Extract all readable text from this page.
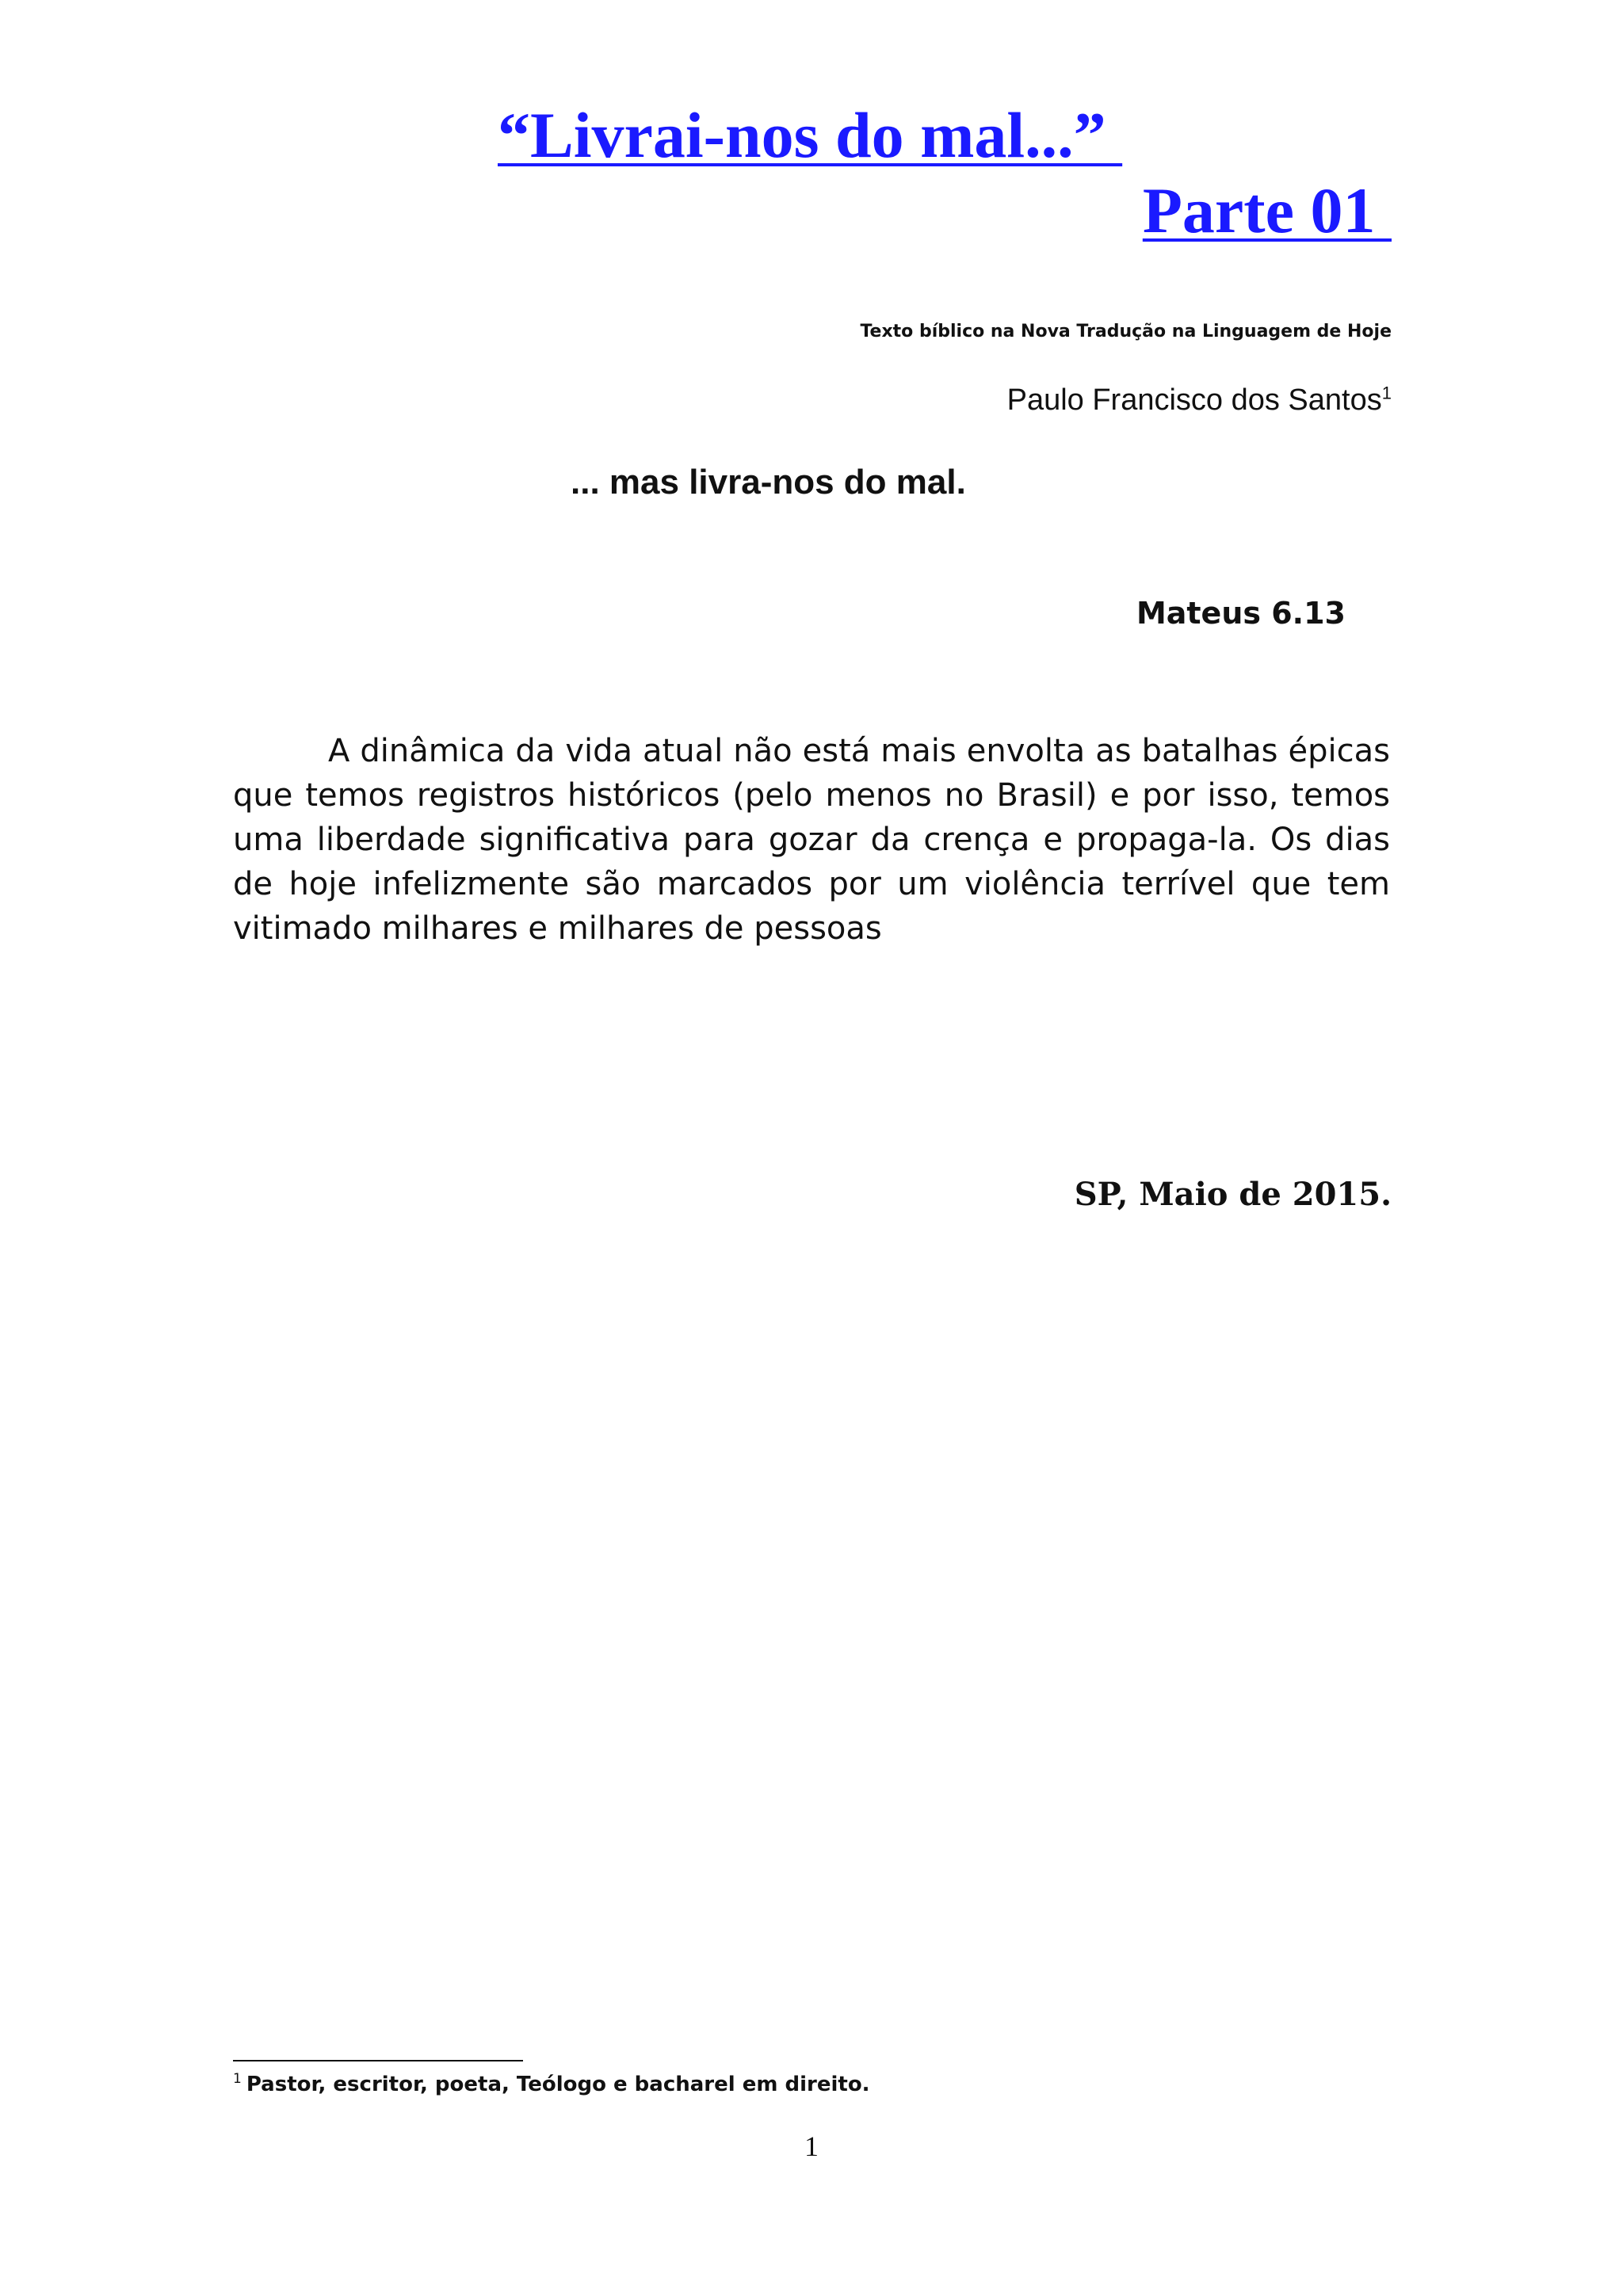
“Livrai-nos do mal...”
Parte 01
Texto bíblico na Nova Tradução na Linguagem de Hoje
Paulo Francisco dos Santos$^1$
... mas livra-nos do mal.
Mateus 6.13

A dinâmica da vida atual não está mais envolta as batalhas épicas que temos registros históricos (pelo menos no Brasil) e por isso, temos uma liberdade significativa para gozar da crença e propaga-la. Os dias de hoje infelizmente são marcados por um violência terrível que tem vitimado milhares e milhares de pessoas

SP, Maio de 2015.
$^1$ Pastor, escritor, poeta, Teólogo e bacharel em direito.
1
